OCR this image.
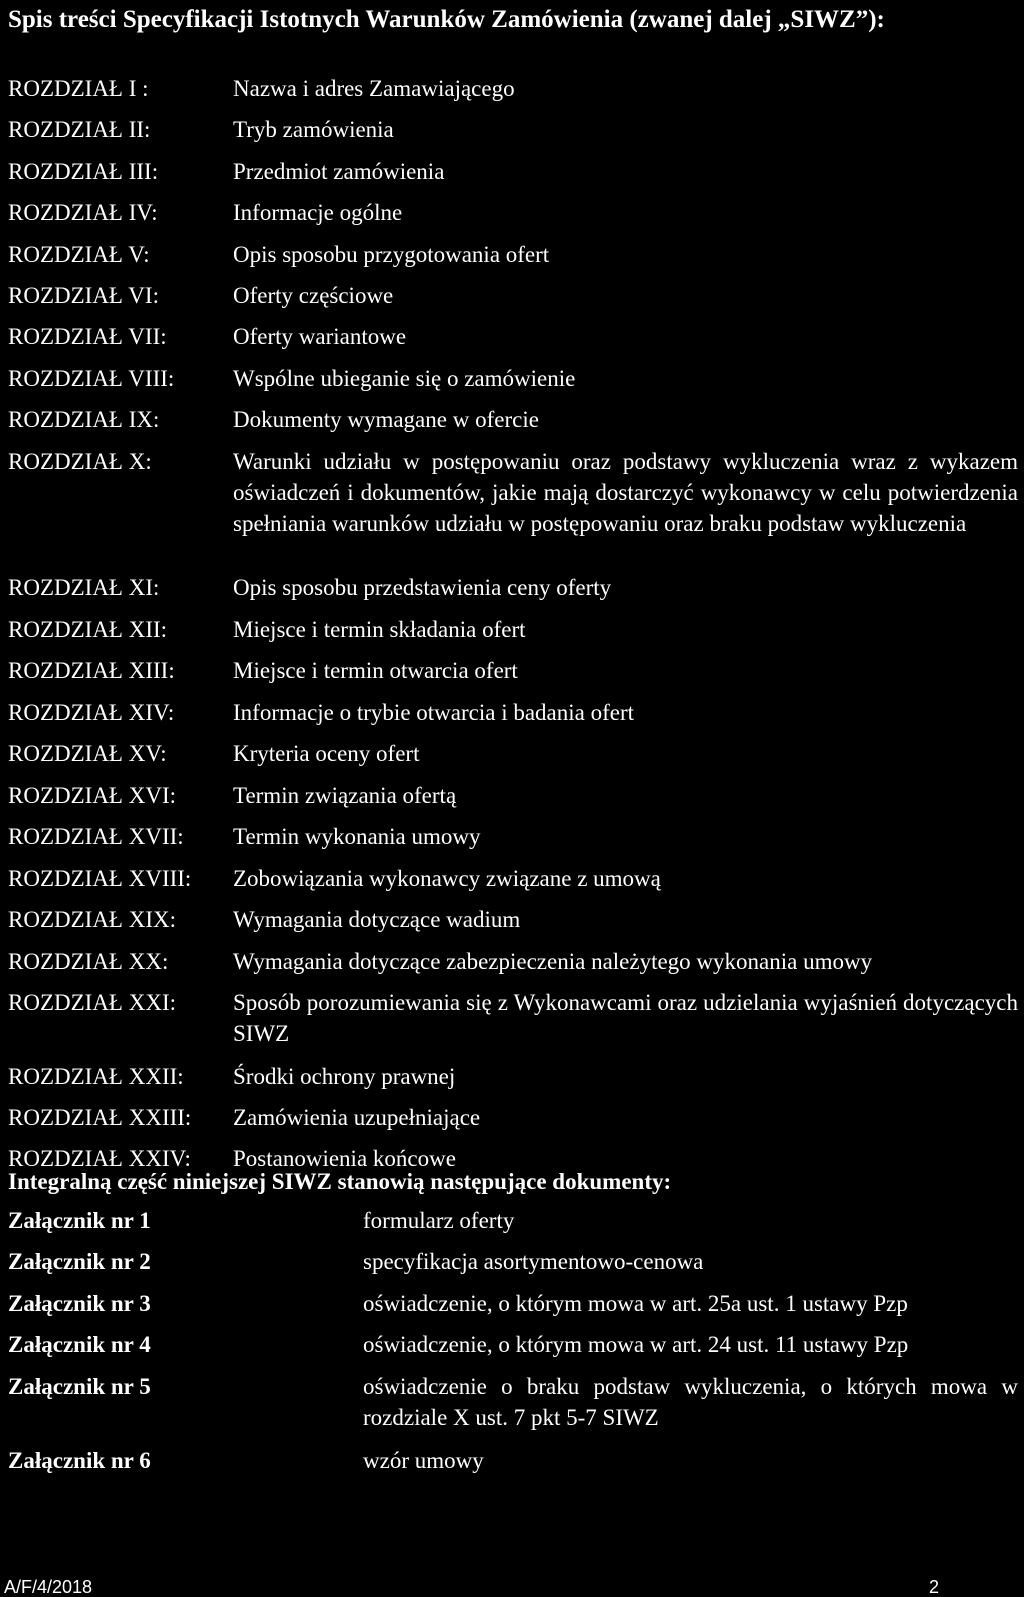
Spis treści Specyfikacji Istotnych Warunków Zamówienia (zwanej dalej „SIWZ”):
ROZDZIAŁ I :	Nazwa i adres Zamawiającego
ROZDZIAŁ II:	Tryb zamówienia
ROZDZIAŁ III:	Przedmiot zamówienia
ROZDZIAŁ IV:	Informacje ogólne
ROZDZIAŁ V:	Opis sposobu przygotowania ofert
ROZDZIAŁ VI:	Oferty częściowe
ROZDZIAŁ VII:	Oferty wariantowe
ROZDZIAŁ VIII:	Wspólne ubieganie się o zamówienie
ROZDZIAŁ IX:	Dokumenty wymagane w ofercie
ROZDZIAŁ X:	Warunki udziału w postępowaniu oraz podstawy wykluczenia wraz z wykazem oświadczeń i dokumentów, jakie mają dostarczyć wykonawcy w celu potwierdzenia spełniania warunków udziału w postępowaniu oraz braku podstaw wykluczenia
ROZDZIAŁ XI:	Opis sposobu przedstawienia ceny oferty
ROZDZIAŁ XII:	Miejsce i termin składania ofert
ROZDZIAŁ XIII:	Miejsce i termin otwarcia ofert
ROZDZIAŁ XIV:	Informacje o trybie otwarcia i badania ofert
ROZDZIAŁ XV:	Kryteria oceny ofert
ROZDZIAŁ XVI: Termin związania ofertą
ROZDZIAŁ XVII: Termin wykonania umowy
ROZDZIAŁ XVIII: Zobowiązania wykonawcy związane z umową
ROZDZIAŁ XIX: Wymagania dotyczące wadium
ROZDZIAŁ XX:	Wymagania dotyczące zabezpieczenia należytego wykonania umowy
ROZDZIAŁ XXI: Sposób porozumiewania się z Wykonawcami oraz udzielania wyjaśnień dotyczących SIWZ
ROZDZIAŁ XXII: Środki ochrony prawnej
ROZDZIAŁ XXIII: Zamówienia uzupełniające
ROZDZIAŁ XXIV: Postanowienia końcowe
Integralną część niniejszej SIWZ stanowią następujące dokumenty:
Załącznik nr 1	formularz oferty
Załącznik nr 2	specyfikacja asortymentowo-cenowa
Załącznik nr 3	oświadczenie, o którym mowa w art. 25a ust. 1 ustawy Pzp
Załącznik nr 4	oświadczenie, o którym mowa w art. 24 ust. 11 ustawy Pzp
Załącznik nr 5	oświadczenie o braku podstaw wykluczenia, o których mowa w rozdziale X ust. 7 pkt 5-7 SIWZ
Załącznik nr 6	wzór umowy
A/F/4/2018	2
